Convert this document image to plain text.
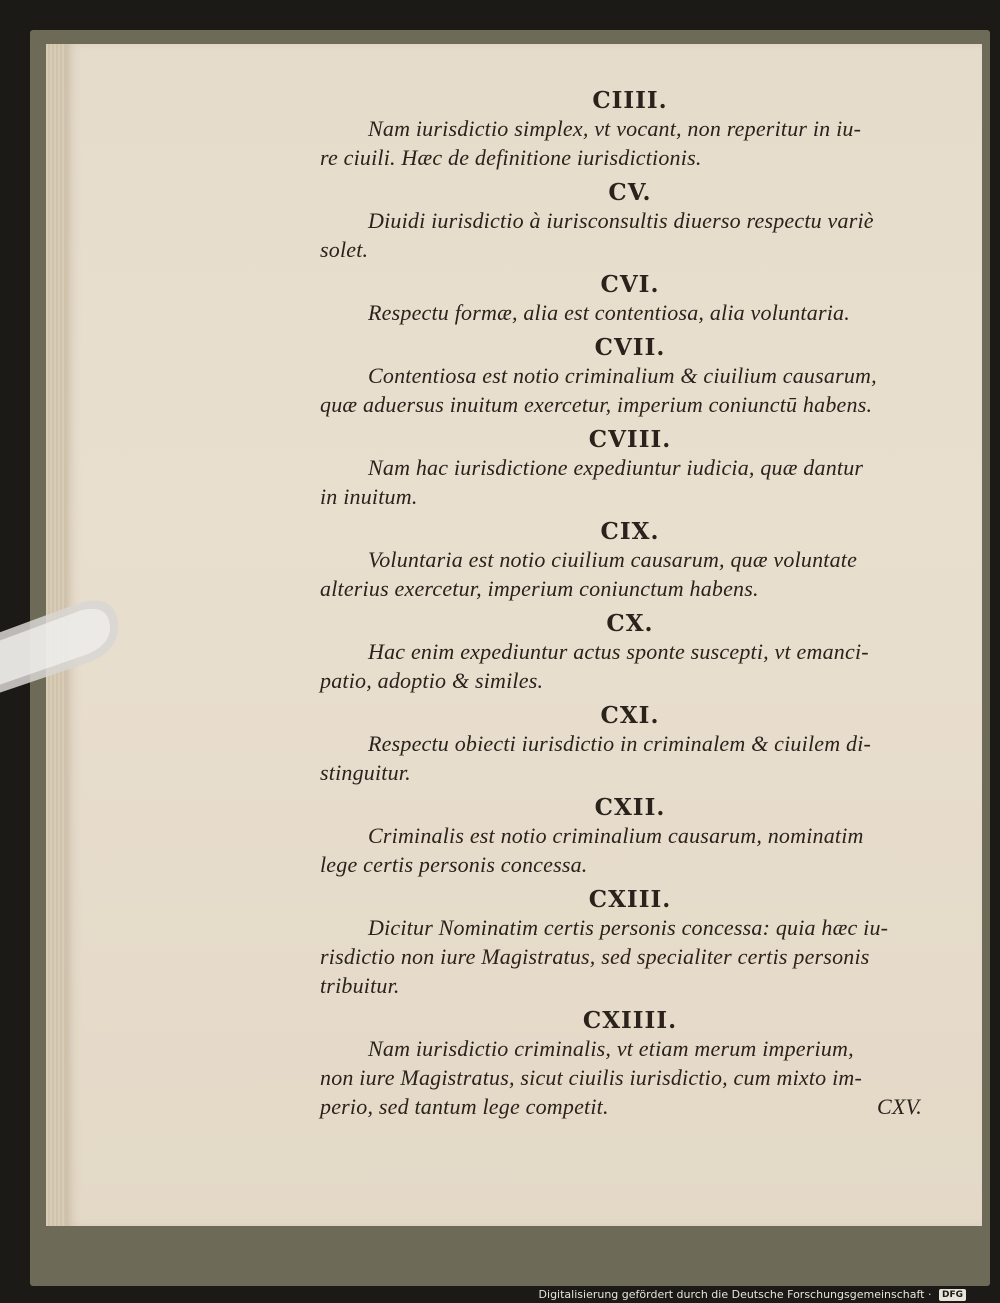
CIIII.
Nam iurisdictio simplex, vt vocant, non reperitur in iu-
re ciuili. Hæc de definitione iurisdictionis.
CV.
Diuidi iurisdictio à iurisconsultis diuerso respectu variè
solet.
CVI.
Respectu formæ, alia est contentiosa, alia voluntaria.
CVII.
Contentiosa est notio criminalium & ciuilium causarum,
quæ aduersus inuitum exercetur, imperium coniunctū habens.
CVIII.
Nam hac iurisdictione expediuntur iudicia, quæ dantur
in inuitum.
CIX.
Voluntaria est notio ciuilium causarum, quæ voluntate
alterius exercetur, imperium coniunctum habens.
CX.
Hac enim expediuntur actus sponte suscepti, vt emanci-
patio, adoptio & similes.
CXI.
Respectu obiecti iurisdictio in criminalem & ciuilem di-
stinguitur.
CXII.
Criminalis est notio criminalium causarum, nominatim
lege certis personis concessa.
CXIII.
Dicitur Nominatim certis personis concessa: quia hæc iu-
risdictio non iure Magistratus, sed specialiter certis personis
tribuitur.
CXIIII.
Nam iurisdictio criminalis, vt etiam merum imperium,
non iure Magistratus, sicut ciuilis iurisdictio, cum mixto im-
perio, sed tantum lege competit.	CXV.
Digitalisierung gefördert durch die Deutsche Forschungsgemeinschaft · DFG
